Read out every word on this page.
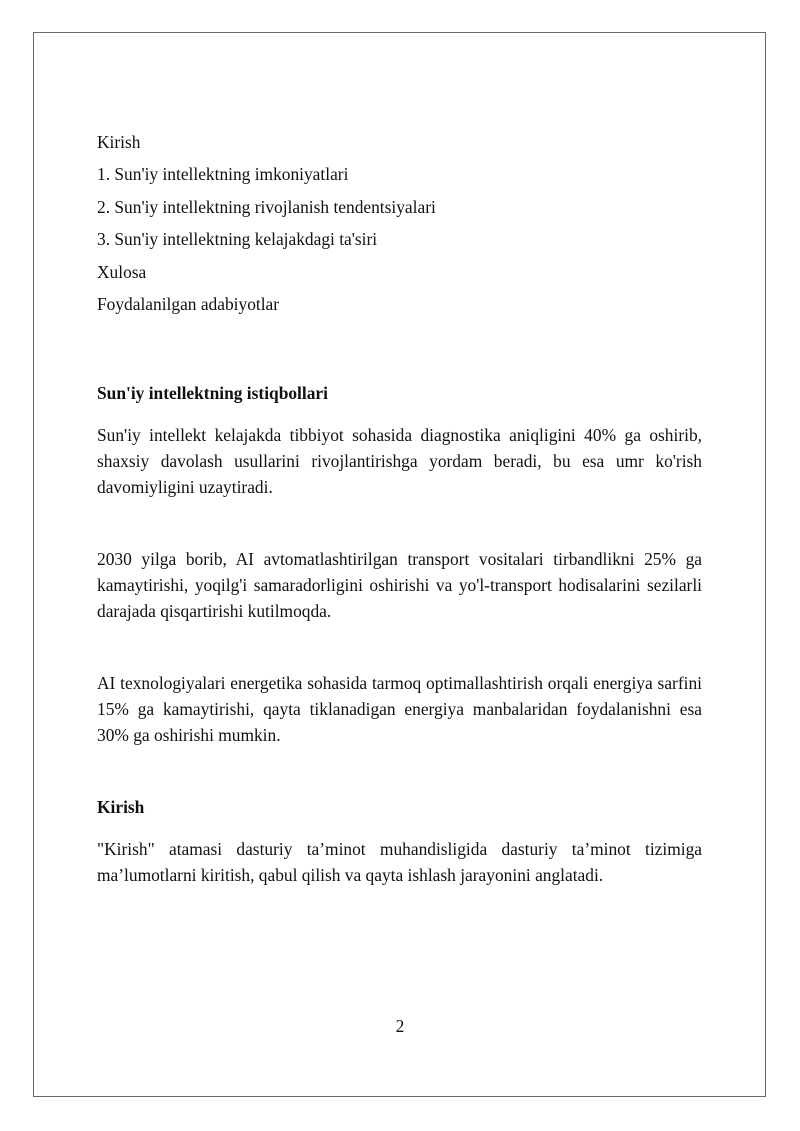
Kirish
1. Sun'iy intellektning imkoniyatlari
2. Sun'iy intellektning rivojlanish tendentsiyalari
3. Sun'iy intellektning kelajakdagi ta'siri
Xulosa
Foydalanilgan adabiyotlar
Sun'iy intellektning istiqbollari

Sun'iy intellekt kelajakda tibbiyot sohasida diagnostika aniqligini 40% ga oshirib, shaxsiy davolash usullarini rivojlantirishga yordam beradi, bu esa umr ko'rish davomiyligini uzaytiradi.

2030 yilga borib, AI avtomatlashtirilgan transport vositalari tirbandlikni 25% ga kamaytirishi, yoqilg'i samaradorligini oshirishi va yo'l-transport hodisalarini sezilarli darajada qisqartirishi kutilmoqda.

AI texnologiyalari energetika sohasida tarmoq optimallashtirish orqali energiya sarfini 15% ga kamaytirishi, qayta tiklanadigan energiya manbalaridan foydalanishni esa 30% ga oshirishi mumkin.

Kirish

"Kirish" atamasi dasturiy ta’minot muhandisligida dasturiy ta’minot tizimiga ma’lumotlarni kiritish, qabul qilish va qayta ishlash jarayonini anglatadi.

2
